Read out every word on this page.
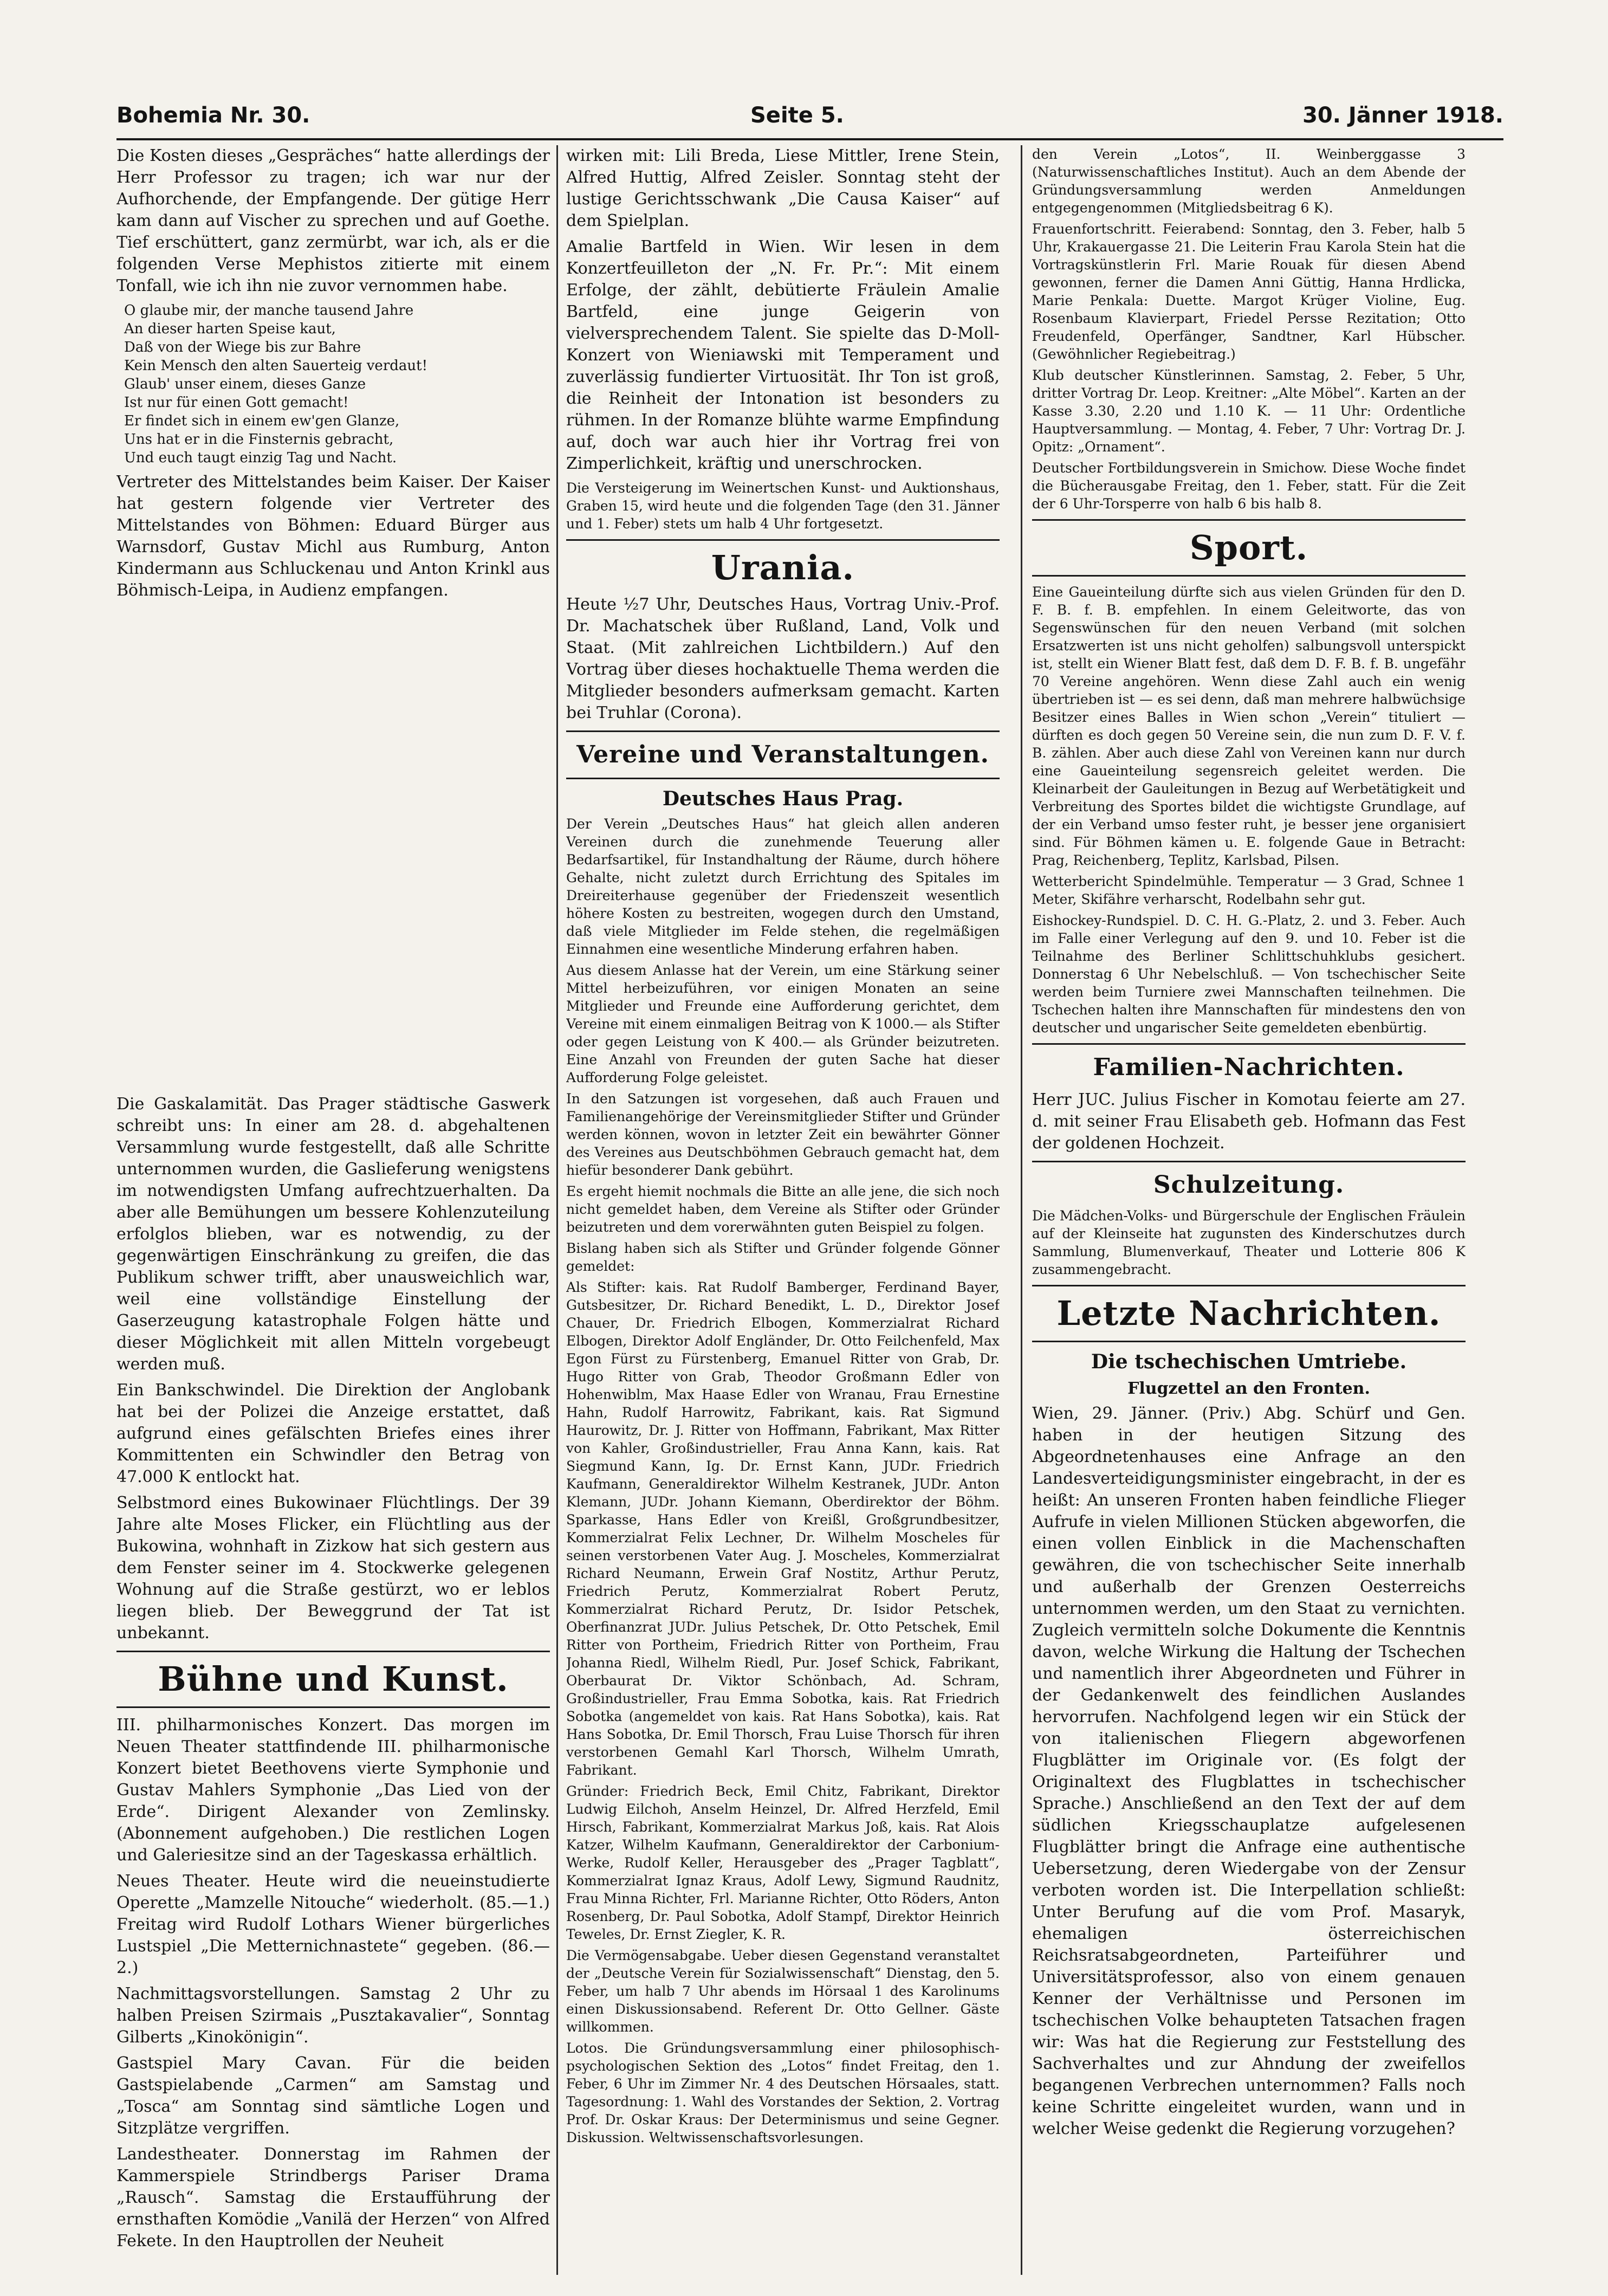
Bohemia Nr. 30.	Seite 5.	30. Jänner 1918.

Die Kosten dieses „Gespräches“ hatte allerdings der Herr Professor zu tragen; ich war nur der Aufhorchende, der Empfangende. Der gütige Herr kam dann auf Vischer zu sprechen und auf Goethe. Tief erschüttert, ganz zermürbt, war ich, als er die folgenden Verse Mephistos zitierte mit einem Tonfall, wie ich ihn nie zuvor vernommen habe.

O glaube mir, der manche tausend Jahre
An dieser harten Speise kaut,
Daß von der Wiege bis zur Bahre
Kein Mensch den alten Sauerteig verdaut!
Glaub' unser einem, dieses Ganze
Ist nur für einen Gott gemacht!
Er findet sich in einem ew'gen Glanze,
Uns hat er in die Finsternis gebracht,
Und euch taugt einzig Tag und Nacht.

Vertreter des Mittelstandes beim Kaiser. Der Kaiser hat gestern folgende vier Vertreter des Mittelstandes von Böhmen: Eduard Bürger aus Warnsdorf, Gustav Michl aus Rumburg, Anton Kindermann aus Schluckenau und Anton Krinkl aus Böhmisch-Leipa, in Audienz empfangen.

Die Gaskalamität. Das Prager städtische Gaswerk schreibt uns: In einer am 28. d. abgehaltenen Versammlung wurde festgestellt, daß alle Schritte unternommen wurden, die Gaslieferung wenigstens im notwendigsten Umfang aufrechtzuerhalten. Da aber alle Bemühungen um bessere Kohlenzuteilung erfolglos blieben, war es notwendig, zu der gegenwärtigen Einschränkung zu greifen, die das Publikum schwer trifft, aber unausweichlich war, weil eine vollständige Einstellung der Gaserzeugung katastrophale Folgen hätte und dieser Möglichkeit mit allen Mitteln vorgebeugt werden muß.

Ein Bankschwindel. Die Direktion der Anglobank hat bei der Polizei die Anzeige erstattet, daß aufgrund eines gefälschten Briefes eines ihrer Kommittenten ein Schwindler den Betrag von 47.000 K entlockt hat.

Selbstmord eines Bukowinaer Flüchtlings. Der 39 Jahre alte Moses Flicker, ein Flüchtling aus der Bukowina, wohnhaft in Zizkow hat sich gestern aus dem Fenster seiner im 4. Stockwerke gelegenen Wohnung auf die Straße gestürzt, wo er leblos liegen blieb. Der Beweggrund der Tat ist unbekannt.

Bühne und Kunst.

III. philharmonisches Konzert. Das morgen im Neuen Theater stattfindende III. philharmonische Konzert bietet Beethovens vierte Symphonie und Gustav Mahlers Symphonie „Das Lied von der Erde“. Dirigent Alexander von Zemlinsky. (Abonnement aufgehoben.) Die restlichen Logen und Galeriesitze sind an der Tageskassa erhältlich.

Neues Theater. Heute wird die neueinstudierte Operette „Mamzelle Nitouche“ wiederholt. (85.—1.) Freitag wird Rudolf Lothars Wiener bürgerliches Lustspiel „Die Metternichnastete“ gegeben. (86.—2.)

Nachmittagsvorstellungen. Samstag 2 Uhr zu halben Preisen Szirmais „Pusztakavalier“, Sonntag Gilberts „Kinokönigin“.

Gastspiel Mary Cavan. Für die beiden Gastspielabende „Carmen“ am Samstag und „Tosca“ am Sonntag sind sämtliche Logen und Sitzplätze vergriffen.

Landestheater. Donnerstag im Rahmen der Kammerspiele Strindbergs Pariser Drama „Rausch“. Samstag die Erstaufführung der ernsthaften Komödie „Vanilä der Herzen“ von Alfred Fekete. In den Hauptrollen der Neuheit

wirken mit: Lili Breda, Liese Mittler, Irene Stein, Alfred Huttig, Alfred Zeisler. Sonntag steht der lustige Gerichtsschwank „Die Causa Kaiser“ auf dem Spielplan.

Amalie Bartfeld in Wien. Wir lesen in dem Konzertfeuilleton der „N. Fr. Pr.“: Mit einem Erfolge, der zählt, debütierte Fräulein Amalie Bartfeld, eine junge Geigerin von vielversprechendem Talent. Sie spielte das D-Moll-Konzert von Wieniawski mit Temperament und zuverlässig fundierter Virtuosität. Ihr Ton ist groß, die Reinheit der Intonation ist besonders zu rühmen. In der Romanze blühte warme Empfindung auf, doch war auch hier ihr Vortrag frei von Zimperlichkeit, kräftig und unerschrocken.

Die Versteigerung im Weinertschen Kunst- und Auktionshaus, Graben 15, wird heute und die folgenden Tage (den 31. Jänner und 1. Feber) stets um halb 4 Uhr fortgesetzt.

Urania.

Heute ½7 Uhr, Deutsches Haus, Vortrag Univ.-Prof. Dr. Machatschek über Rußland, Land, Volk und Staat. (Mit zahlreichen Lichtbildern.) Auf den Vortrag über dieses hochaktuelle Thema werden die Mitglieder besonders aufmerksam gemacht. Karten bei Truhlar (Corona).

Vereine und Veranstaltungen.
Deutsches Haus Prag.

Der Verein „Deutsches Haus“ hat gleich allen anderen Vereinen durch die zunehmende Teuerung aller Bedarfsartikel, für Instandhaltung der Räume, durch höhere Gehalte, nicht zuletzt durch Errichtung des Spitales im Dreireiterhause gegenüber der Friedenszeit wesentlich höhere Kosten zu bestreiten, wogegen durch den Umstand, daß viele Mitglieder im Felde stehen, die regelmäßigen Einnahmen eine wesentliche Minderung erfahren haben.

Aus diesem Anlasse hat der Verein, um eine Stärkung seiner Mittel herbeizuführen, vor einigen Monaten an seine Mitglieder und Freunde eine Aufforderung gerichtet, dem Vereine mit einem einmaligen Beitrag von K 1000.— als Stifter oder gegen Leistung von K 400.— als Gründer beizutreten. Eine Anzahl von Freunden der guten Sache hat dieser Aufforderung Folge geleistet.

In den Satzungen ist vorgesehen, daß auch Frauen und Familienangehörige der Vereinsmitglieder Stifter und Gründer werden können, wovon in letzter Zeit ein bewährter Gönner des Vereines aus Deutschböhmen Gebrauch gemacht hat, dem hiefür besonderer Dank gebührt.

Es ergeht hiemit nochmals die Bitte an alle jene, die sich noch nicht gemeldet haben, dem Vereine als Stifter oder Gründer beizutreten und dem vorerwähnten guten Beispiel zu folgen.

Bislang haben sich als Stifter und Gründer folgende Gönner gemeldet:

Als Stifter: kais. Rat Rudolf Bamberger, Ferdinand Bayer, Gutsbesitzer, Dr. Richard Benedikt, L. D., Direktor Josef Chauer, Dr. Friedrich Elbogen, Kommerzialrat Richard Elbogen, Direktor Adolf Engländer, Dr. Otto Feilchenfeld, Max Egon Fürst zu Fürstenberg, Emanuel Ritter von Grab, Dr. Hugo Ritter von Grab, Theodor Großmann Edler von Hohenwiblm, Max Haase Edler von Wranau, Frau Ernestine Hahn, Rudolf Harrowitz, Fabrikant, kais. Rat Sigmund Haurowitz, Dr. J. Ritter von Hoffmann, Fabrikant, Max Ritter von Kahler, Großindustrieller, Frau Anna Kann, kais. Rat Siegmund Kann, Ig. Dr. Ernst Kann, JUDr. Friedrich Kaufmann, Generaldirektor Wilhelm Kestranek, JUDr. Anton Klemann, JUDr. Johann Kiemann, Oberdirektor der Böhm. Sparkasse, Hans Edler von Kreißl, Großgrundbesitzer, Kommerzialrat Felix Lechner, Dr. Wilhelm Moscheles für seinen verstorbenen Vater Aug. J. Moscheles, Kommerzialrat Richard Neumann, Erwein Graf Nostitz, Arthur Perutz, Friedrich Perutz, Kommerzialrat Robert Perutz, Kommerzialrat Richard Perutz, Dr. Isidor Petschek, Oberfinanzrat JUDr. Julius Petschek, Dr. Otto Petschek, Emil Ritter von Portheim, Friedrich Ritter von Portheim, Frau Johanna Riedl, Wilhelm Riedl, Pur. Josef Schick, Fabrikant, Oberbaurat Dr. Viktor Schönbach, Ad. Schram, Großindustrieller, Frau Emma Sobotka, kais. Rat Friedrich Sobotka (angemeldet von kais. Rat Hans Sobotka), kais. Rat Hans Sobotka, Dr. Emil Thorsch, Frau Luise Thorsch für ihren verstorbenen Gemahl Karl Thorsch, Wilhelm Umrath, Fabrikant.

Gründer: Friedrich Beck, Emil Chitz, Fabrikant, Direktor Ludwig Eilchoh, Anselm Heinzel, Dr. Alfred Herzfeld, Emil Hirsch, Fabrikant, Kommerzialrat Markus Joß, kais. Rat Alois Katzer, Wilhelm Kaufmann, Generaldirektor der Carbonium-Werke, Rudolf Keller, Herausgeber des „Prager Tagblatt“, Kommerzialrat Ignaz Kraus, Adolf Lewy, Sigmund Raudnitz, Frau Minna Richter, Frl. Marianne Richter, Otto Röders, Anton Rosenberg, Dr. Paul Sobotka, Adolf Stampf, Direktor Heinrich Teweles, Dr. Ernst Ziegler, K. R.

Die Vermögensabgabe. Ueber diesen Gegenstand veranstaltet der „Deutsche Verein für Sozialwissenschaft“ Dienstag, den 5. Feber, um halb 7 Uhr abends im Hörsaal 1 des Karolinums einen Diskussionsabend. Referent Dr. Otto Gellner. Gäste willkommen.

Lotos. Die Gründungsversammlung einer philosophisch-psychologischen Sektion des „Lotos“ findet Freitag, den 1. Feber, 6 Uhr im Zimmer Nr. 4 des Deutschen Hörsaales, statt. Tagesordnung: 1. Wahl des Vorstandes der Sektion, 2. Vortrag Prof. Dr. Oskar Kraus: Der Determinismus und seine Gegner. Diskussion. Weltwissenschaftsvorlesungen.

den Verein „Lotos“, II. Weinberggasse 3 (Naturwissenschaftliches Institut). Auch an dem Abende der Gründungsversammlung werden Anmeldungen entgegengenommen (Mitgliedsbeitrag 6 K).

Frauenfortschritt. Feierabend: Sonntag, den 3. Feber, halb 5 Uhr, Krakauergasse 21. Die Leiterin Frau Karola Stein hat die Vortragskünstlerin Frl. Marie Rouak für diesen Abend gewonnen, ferner die Damen Anni Güttig, Hanna Hrdlicka, Marie Penkala: Duette. Margot Krüger Violine, Eug. Rosenbaum Klavierpart, Friedel Persse Rezitation; Otto Freudenfeld, Operfänger, Sandtner, Karl Hübscher. (Gewöhnlicher Regiebeitrag.)

Klub deutscher Künstlerinnen. Samstag, 2. Feber, 5 Uhr, dritter Vortrag Dr. Leop. Kreitner: „Alte Möbel“. Karten an der Kasse 3.30, 2.20 und 1.10 K. — 11 Uhr: Ordentliche Hauptversammlung. — Montag, 4. Feber, 7 Uhr: Vortrag Dr. J. Opitz: „Ornament“.

Deutscher Fortbildungsverein in Smichow. Diese Woche findet die Bücherausgabe Freitag, den 1. Feber, statt. Für die Zeit der 6 Uhr-Torsperre von halb 6 bis halb 8.

Sport.

Eine Gaueinteilung dürfte sich aus vielen Gründen für den D. F. B. f. B. empfehlen. In einem Geleitworte, das von Segenswünschen für den neuen Verband (mit solchen Ersatzwerten ist uns nicht geholfen) salbungsvoll unterspickt ist, stellt ein Wiener Blatt fest, daß dem D. F. B. f. B. ungefähr 70 Vereine angehören. Wenn diese Zahl auch ein wenig übertrieben ist — es sei denn, daß man mehrere halbwüchsige Besitzer eines Balles in Wien schon „Verein“ tituliert — dürften es doch gegen 50 Vereine sein, die nun zum D. F. V. f. B. zählen. Aber auch diese Zahl von Vereinen kann nur durch eine Gaueinteilung segensreich geleitet werden. Die Kleinarbeit der Gauleitungen in Bezug auf Werbetätigkeit und Verbreitung des Sportes bildet die wichtigste Grundlage, auf der ein Verband umso fester ruht, je besser jene organisiert sind. Für Böhmen kämen u. E. folgende Gaue in Betracht: Prag, Reichenberg, Teplitz, Karlsbad, Pilsen.

Wetterbericht Spindelmühle. Temperatur — 3 Grad, Schnee 1 Meter, Skifähre verharscht, Rodelbahn sehr gut.

Eishockey-Rundspiel. D. C. H. G.-Platz, 2. und 3. Feber. Auch im Falle einer Verlegung auf den 9. und 10. Feber ist die Teilnahme des Berliner Schlittschuhklubs gesichert. Donnerstag 6 Uhr Nebelschluß. — Von tschechischer Seite werden beim Turniere zwei Mannschaften teilnehmen. Die Tschechen halten ihre Mannschaften für mindestens den von deutscher und ungarischer Seite gemeldeten ebenbürtig.

Familien-Nachrichten.

Herr JUC. Julius Fischer in Komotau feierte am 27. d. mit seiner Frau Elisabeth geb. Hofmann das Fest der goldenen Hochzeit.

Schulzeitung.

Die Mädchen-Volks- und Bürgerschule der Englischen Fräulein auf der Kleinseite hat zugunsten des Kinderschutzes durch Sammlung, Blumenverkauf, Theater und Lotterie 806 K zusammengebracht.

Letzte Nachrichten.
Die tschechischen Umtriebe.
Flugzettel an den Fronten.

Wien, 29. Jänner. (Priv.) Abg. Schürf und Gen. haben in der heutigen Sitzung des Abgeordnetenhauses eine Anfrage an den Landesverteidigungsminister eingebracht, in der es heißt: An unseren Fronten haben feindliche Flieger Aufrufe in vielen Millionen Stücken abgeworfen, die einen vollen Einblick in die Machenschaften gewähren, die von tschechischer Seite innerhalb und außerhalb der Grenzen Oesterreichs unternommen werden, um den Staat zu vernichten. Zugleich vermitteln solche Dokumente die Kenntnis davon, welche Wirkung die Haltung der Tschechen und namentlich ihrer Abgeordneten und Führer in der Gedankenwelt des feindlichen Auslandes hervorrufen. Nachfolgend legen wir ein Stück der von italienischen Fliegern abgeworfenen Flugblätter im Originale vor. (Es folgt der Originaltext des Flugblattes in tschechischer Sprache.) Anschließend an den Text der auf dem südlichen Kriegsschauplatze aufgelesenen Flugblätter bringt die Anfrage eine authentische Uebersetzung, deren Wiedergabe von der Zensur verboten worden ist. Die Interpellation schließt: Unter Berufung auf die vom Prof. Masaryk, ehemaligen österreichischen Reichsratsabgeordneten, Parteiführer und Universitätsprofessor, also von einem genauen Kenner der Verhältnisse und Personen im tschechischen Volke behaupteten Tatsachen fragen wir: Was hat die Regierung zur Feststellung des Sachverhaltes und zur Ahndung der zweifellos begangenen Verbrechen unternommen? Falls noch keine Schritte eingeleitet wurden, wann und in welcher Weise gedenkt die Regierung vorzugehen?
